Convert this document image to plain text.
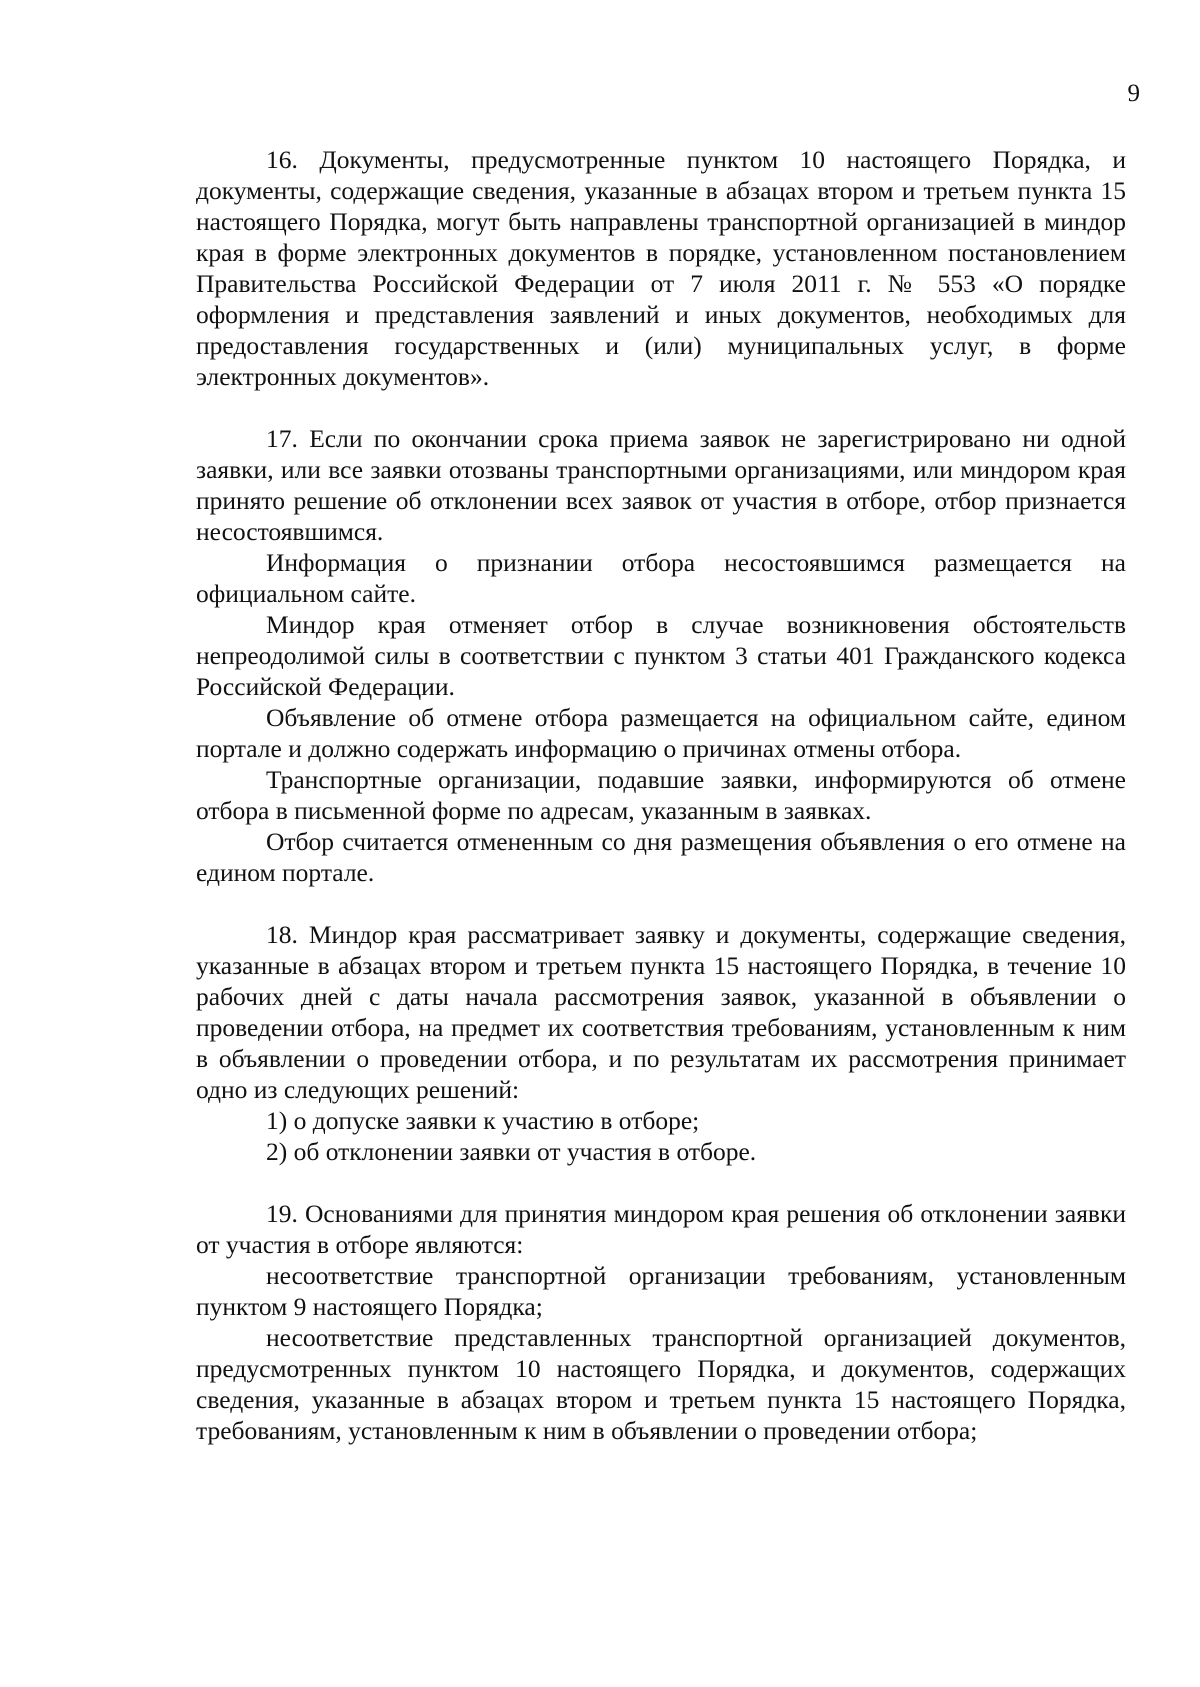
9

16. Документы, предусмотренные пунктом 10 настоящего Порядка, и документы, содержащие сведения, указанные в абзацах втором и третьем пункта 15 настоящего Порядка, могут быть направлены транспортной организацией в миндор края в форме электронных документов в порядке, установленном постановлением Правительства Российской Федерации от 7 июля 2011 г. № 553 «О порядке оформления и представления заявлений и иных документов, необходимых для предоставления государственных и (или) муниципальных услуг, в форме электронных документов».

17. Если по окончании срока приема заявок не зарегистрировано ни одной заявки, или все заявки отозваны транспортными организациями, или миндором края принято решение об отклонении всех заявок от участия в отборе, отбор признается несостоявшимся.

Информация о признании отбора несостоявшимся размещается на официальном сайте.

Миндор края отменяет отбор в случае возникновения обстоятельств непреодолимой силы в соответствии с пунктом 3 статьи 401 Гражданского кодекса Российской Федерации.

Объявление об отмене отбора размещается на официальном сайте, едином портале и должно содержать информацию о причинах отмены отбора.

Транспортные организации, подавшие заявки, информируются об отмене отбора в письменной форме по адресам, указанным в заявках.

Отбор считается отмененным со дня размещения объявления о его отмене на едином портале.

18. Миндор края рассматривает заявку и документы, содержащие сведения, указанные в абзацах втором и третьем пункта 15 настоящего Порядка, в течение 10 рабочих дней с даты начала рассмотрения заявок, указанной в объявлении о проведении отбора, на предмет их соответствия требованиям, установленным к ним в объявлении о проведении отбора, и по результатам их рассмотрения принимает одно из следующих решений:

1) о допуске заявки к участию в отборе;

2) об отклонении заявки от участия в отборе.

19. Основаниями для принятия миндором края решения об отклонении заявки от участия в отборе являются:

несоответствие транспортной организации требованиям, установленным пунктом 9 настоящего Порядка;

несоответствие представленных транспортной организацией документов, предусмотренных пунктом 10 настоящего Порядка, и документов, содержащих сведения, указанные в абзацах втором и третьем пункта 15 настоящего Порядка, требованиям, установленным к ним в объявлении о проведении отбора;
